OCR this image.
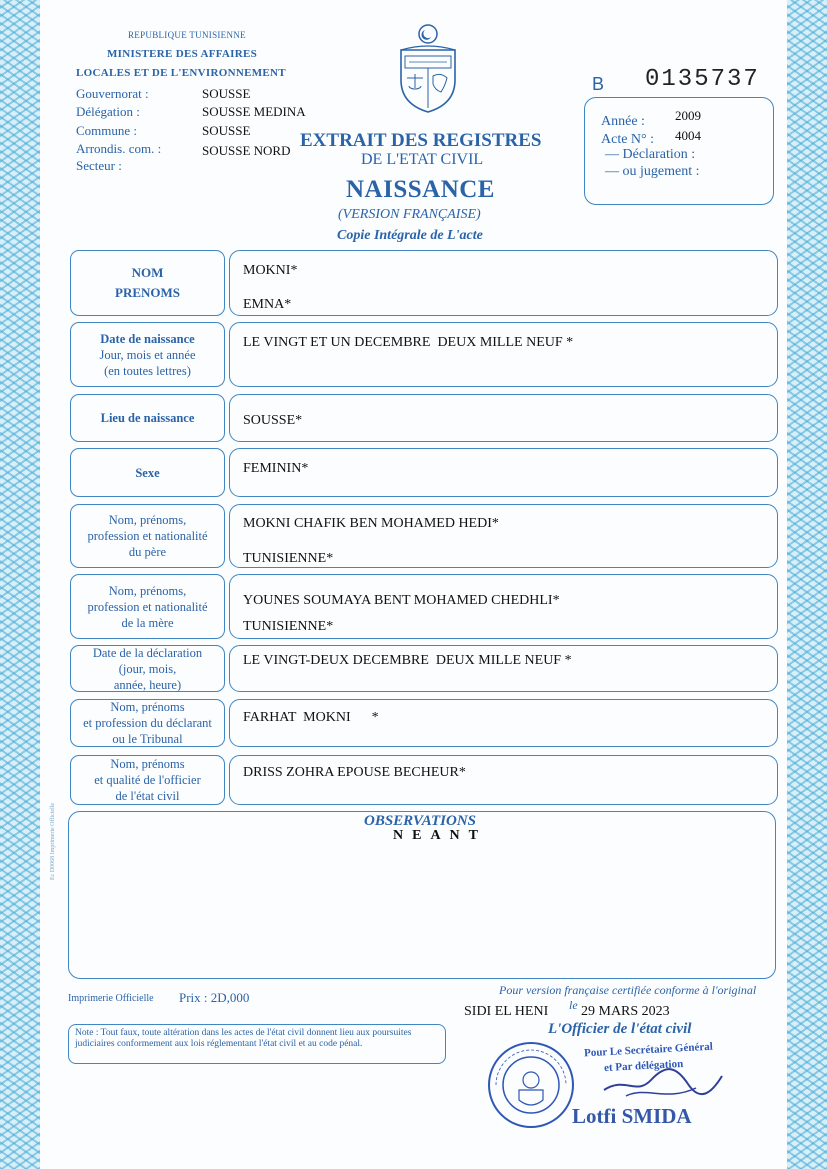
REPUBLIQUE TUNISIENNE
MINISTERE DES AFFAIRES
LOCALES ET DE L'ENVIRONNEMENT
Gouvernorat :	SOUSSE
Délégation :	SOUSSE MEDINA
Commune :	SOUSSE
Arrondis. com. :	SOUSSE NORD
Secteur :
EXTRAIT DES REGISTRES
DE L'ETAT CIVIL
NAISSANCE
(VERSION FRANÇAISE)
Copie Intégrale de L'acte
B 0135737
Année : 2009
Acte N° : 4004
— Déclaration :
— ou jugement :
NOM
PRENOMS
MOKNI*
EMNA*
Date de naissance
Jour, mois et année
(en toutes lettres)
LE VINGT ET UN DECEMBRE  DEUX MILLE NEUF *
Lieu de naissance	SOUSSE*
Sexe	FEMININ*
Nom, prénoms,
profession et nationalité
du père
MOKNI CHAFIK BEN MOHAMED HEDI*
TUNISIENNE*
Nom, prénoms,
profession et nationalité
de la mère
YOUNES SOUMAYA BENT MOHAMED CHEDHLI*
TUNISIENNE*
Date de la déclaration
(jour, mois,
année, heure)
LE VINGT-DEUX DECEMBRE  DEUX MILLE NEUF *
Nom, prénoms
et profession du déclarant
ou le Tribunal
FARHAT  MOKNI      *
Nom, prénoms
et qualité de l'officier
de l'état civil
DRISS ZOHRA EPOUSE BECHEUR*
OBSERVATIONS
NEANT
Ec D0068 Imprimerie Officielle
Imprimerie Officielle Prix : 2D,000
Note : Tout faux, toute altération dans les actes de l'état civil donnent lieu aux poursuites judiciaires conformement aux lois réglementant l'état civil et au code pénal.
Pour version française certifiée conforme à l'original
SIDI EL HENI le 29 MARS 2023
L'Officier de l'état civil
Pour Le Secrétaire Général
et Par délégation
Lotfi SMIDA
